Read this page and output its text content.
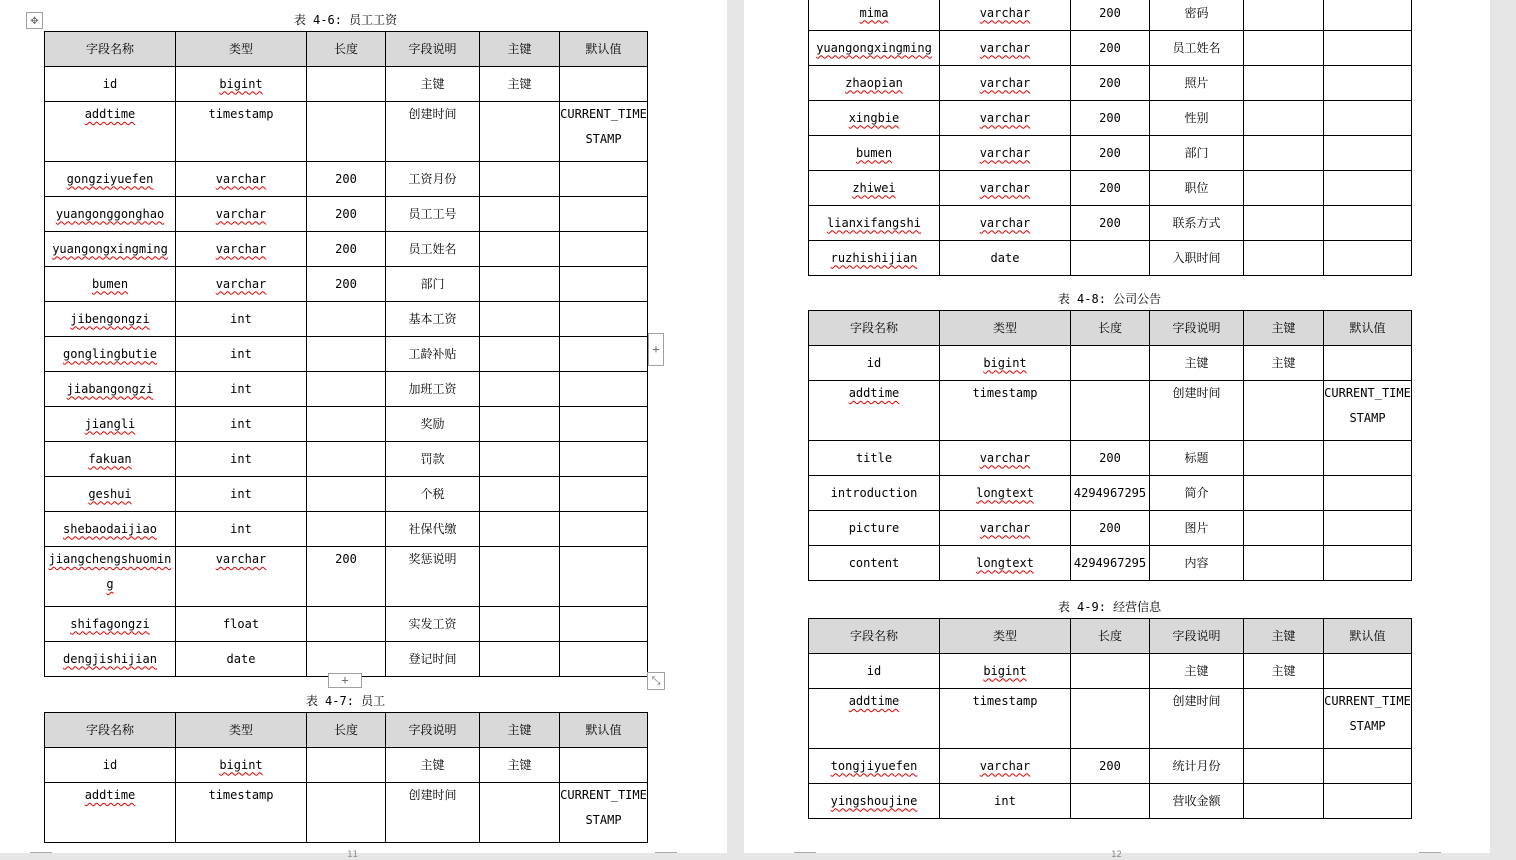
✥	表 4-6: 员工工资
字段名称	类型	长度	字段说明	主键	默认值
id	bigint		主键	主键	
addtime	timestamp		创建时间		CURRENT_TIMESTAMP
gongziyuefen	varchar	200	工资月份		
yuangonggonghao	varchar	200	员工工号		
yuangongxingming	varchar	200	员工姓名		
bumen	varchar	200	部门		
jibengongzi	int		基本工资		
gonglingbutie	int		工龄补贴		
jiabangongzi	int		加班工资		
jiangli	int		奖励		
fakuan	int		罚款		
geshui	int		个税		
shebaodaijiao	int		社保代缴		
jiangchengshuoming	varchar	200	奖惩说明		
shifagongzi	float		实发工资		
dengjishijian	date		登记时间		
+
+	⤡
表 4-7: 员工
字段名称	类型	长度	字段说明	主键	默认值
id	bigint		主键	主键	
addtime	timestamp		创建时间		CURRENT_TIMESTAMP
11
mima	varchar	200	密码		
yuangongxingming	varchar	200	员工姓名		
zhaopian	varchar	200	照片		
xingbie	varchar	200	性别		
bumen	varchar	200	部门		
zhiwei	varchar	200	职位		
lianxifangshi	varchar	200	联系方式		
ruzhishijian	date		入职时间		
表 4-8: 公司公告
字段名称	类型	长度	字段说明	主键	默认值
id	bigint		主键	主键	
addtime	timestamp		创建时间		CURRENT_TIMESTAMP
title	varchar	200	标题		
introduction	longtext	4294967295	简介		
picture	varchar	200	图片		
content	longtext	4294967295	内容		
表 4-9: 经营信息
字段名称	类型	长度	字段说明	主键	默认值
id	bigint		主键	主键	
addtime	timestamp		创建时间		CURRENT_TIMESTAMP
tongjiyuefen	varchar	200	统计月份		
yingshoujine	int		营收金额		
12
